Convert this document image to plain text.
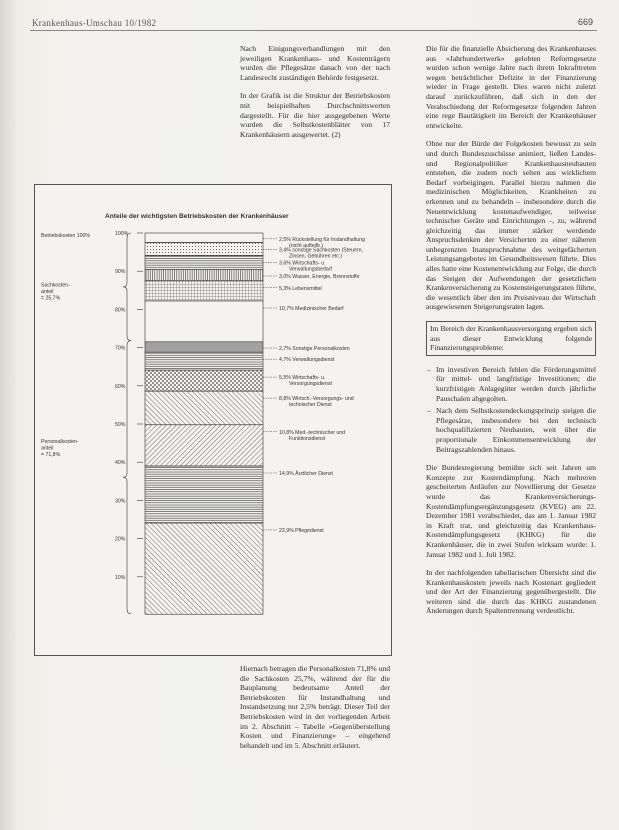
Krankenhaus-Umschau 10/1982	669

Nach Einigungsverhandlungen mit den jeweiligen Krankenhaus- und Kostenträgern wurden die Pflegesätze danach von der nach Landesrecht zuständigen Behörde festgesetzt.

In der Grafik ist die Struktur der Betriebskosten mit beispielhaften Durchschnittswerten dargestellt. Für die hier ausgegebenen Werte wurden die Selbstkostenblätter von 17 Krankenhäusern ausgewertet. (2)

Anteile der wichtigsten Betriebskosten der Krankenhäuser
2,5% Rückstellung für Instandhaltung (nicht aufteilb.)
3,4% sonstige Sachkosten (Steuern, Zinsen, Gebühren etc.)
3,6% Wirtschafts- u. Verwaltungsbedarf
3,0% Wasser, Energie, Brennstoffe
5,3% Lebensmittel
10,7% Medizinischer Bedarf
2,7% Sonstige Personalkosten
4,7% Verwaltungsdienst
5,5% Wirtschafts- u. Versorgungsdienst
8,8% Wirtsch.-Versorgungs- und technischer Dienst
10,8% Med.-technischer und Funktionsdienst
14,9% Ärztlicher Dienst
23,9% Pflegedienst
100%
90%
80%
70%
60%
50%
40%
30%
20%
10%
Betriebskosten 100%
Sachkosten-anteil = 25,7%
Personalkosten-anteil = 71,8%

Hiernach betragen die Personalkosten 71,8% und die Sachkosten 25,7%, während der für die Bauplanung bedeutsame Anteil der Betriebskosten für Instandhaltung und Instandsetzung nur 2,5% beträgt. Dieser Teil der Betriebskosten wird in der vorliegenden Arbeit im 2. Abschnitt – Tabelle »Gegenüberstellung Kosten und Finanzierung« – eingehend behandelt und im 5. Abschnitt erläutert.

Die für die finanzielle Absicherung des Krankenhauses aus »Jahrhundertwerk« gelobten Reformgesetze wurden schon wenige Jahre nach ihrem Inkrafttreten wegen beträchtlicher Defizite in der Finanzierung wieder in Frage gestellt. Dies waren nicht zuletzt darauf zurückzuführen, daß sich in den der Verabschiedung der Reformgesetze folgenden Jahren eine rege Bautätigkeit im Bereich der Krankenhäuser entwickelte.

Ohne nur der Bürde der Folgekosten bewusst zu sein und durch Bundeszuschüsse animiert, ließen Landes- und Regionalpolitiker Krankenhausneubauten entstehen, die zudem noch selten aus wirklichem Bedarf vorbeigingen. Parallel hierzu nahmen die medizinischen Möglichkeiten, Krankheiten zu erkennen und zu behandeln – insbesondere durch die Neuentwicklung kostenaufwendiger, teilweise technischer Geräte und Einrichtungen –, zu, während gleichzeitig das immer stärker werdende Anspruchsdenken der Versicherten zu einer näheren unbegrenzten Inanspruchnahme des weitgefächerten Leistungsangebotes im Gesundheitswesen führte. Dies alles hatte eine Kostenentwicklung zur Folge, die durch das Steigen der Aufwendungen der gesetzlichen Krankenversicherung zu Kostensteigerungsraten führte, die wesentlich über den im Preisniveau der Wirtschaft ausgewiesenen Steigerungsraten lagen.

Im Bereich der Krankenhausversorgung ergeben sich aus dieser Entwicklung folgende Finanzierungsprobleme:
– Im investiven Bereich fehlen die Förderungsmittel für mittel- und langfristige Investitionen; die kurzfristigen Anlagegüter werden durch jährliche Pauschalen abgegolten.
– Nach dem Selbstkostendeckungsprinzip steigen die Pflegesätze, insbesondere bei den technisch hochqualifizierten Neubauten, weit über die proportionale Einkommensentwicklung der Beitragszahlenden hinaus.

Die Bundesregierung bemühte sich seit Jahren um Konzepte zur Kostendämpfung. Nach mehreren gescheiterten Anläufen zur Novellierung der Gesetze wurde das Krankenversicherungs-Kostendämpfungsergänzungsgesetz (KVEG) am 22. Dezember 1981 verabschiedet, das am 1. Januar 1982 in Kraft trat, und gleichzeitig das Krankenhaus-Kostendämpfungsgesetz (KHKG) für die Krankenhäuser, die in zwei Stufen wirksam wurde: 1. Januar 1982 und 1. Juli 1982.

In der nachfolgenden tabellarischen Übersicht sind die Krankenhauskosten jeweils nach Kostenart gegliedert und der Art der Finanzierung gegenübergestellt. Die weiteren sind die durch das KHKG zustandenen Änderungen durch Spaltentrennung verdeutlicht.
